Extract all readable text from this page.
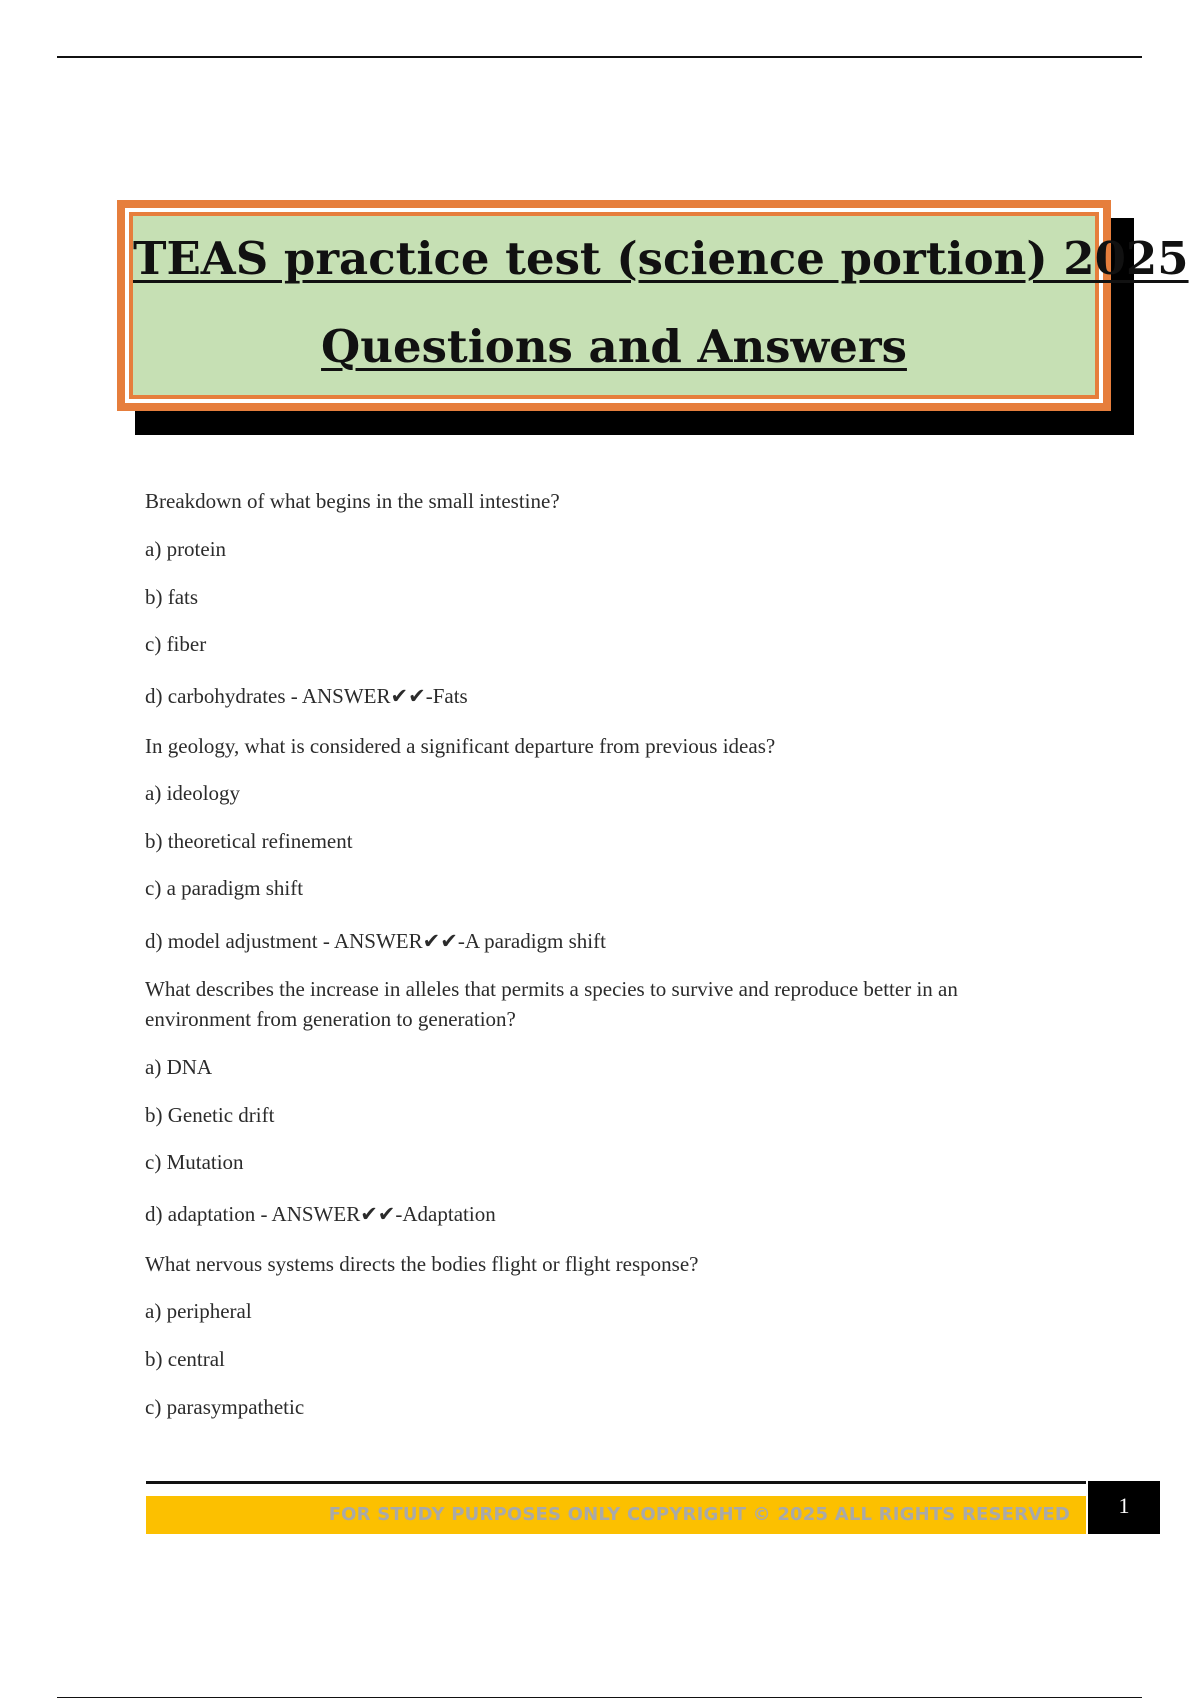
TEAS practice test (science portion) 2025
Questions and Answers

Breakdown of what begins in the small intestine?

a) protein

b) fats

c) fiber

d) carbohydrates - ANSWER✔✔-Fats

In geology, what is considered a significant departure from previous ideas?

a) ideology

b) theoretical refinement

c) a paradigm shift

d) model adjustment - ANSWER✔✔-A paradigm shift

What describes the increase in alleles that permits a species to survive and reproduce better in an environment from generation to generation?

a) DNA

b) Genetic drift

c) Mutation

d) adaptation - ANSWER✔✔-Adaptation

What nervous systems directs the bodies flight or flight response?

a) peripheral

b) central

c) parasympathetic

FOR STUDY PURPOSES ONLY COPYRIGHT © 2025 ALL RIGHTS RESERVED	1
